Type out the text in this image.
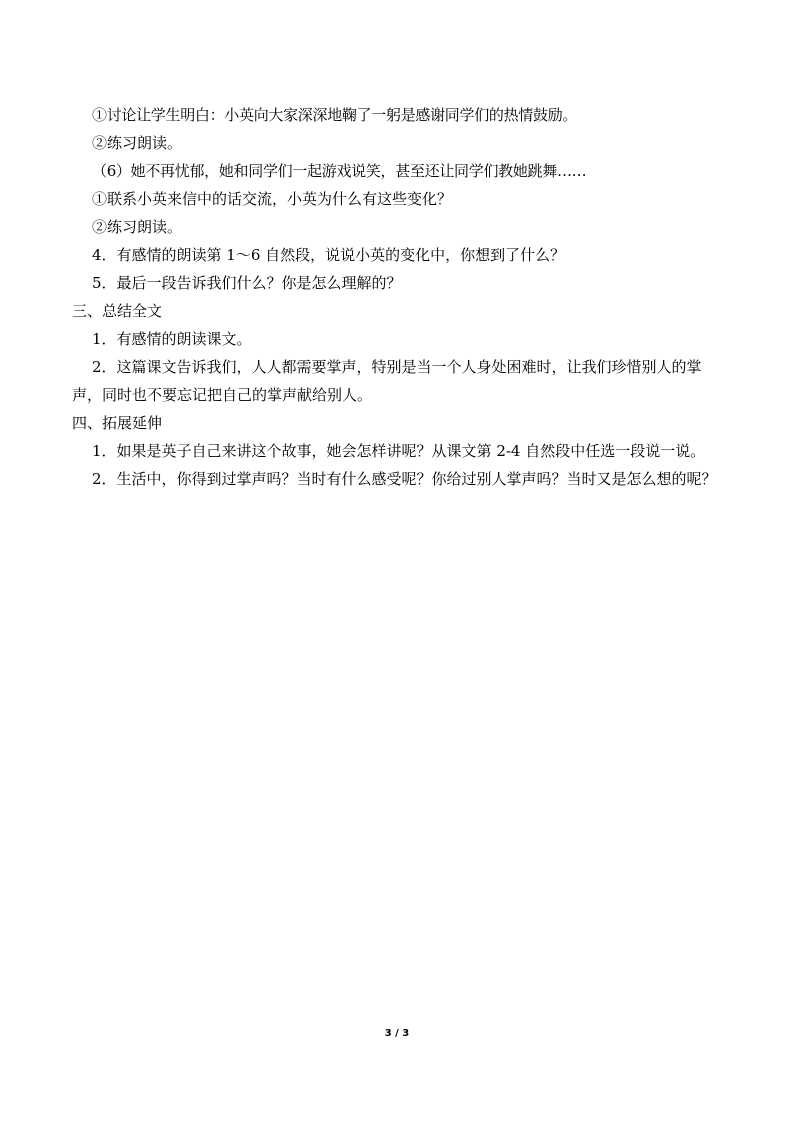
①讨论让学生明白：小英向大家深深地鞠了一躬是感谢同学们的热情鼓励。

②练习朗读。

（6）她不再忧郁，她和同学们一起游戏说笑，甚至还让同学们教她跳舞……

①联系小英来信中的话交流，小英为什么有这些变化？

②练习朗读。

4．有感情的朗读第 1～6 自然段，说说小英的变化中，你想到了什么？

5．最后一段告诉我们什么？你是怎么理解的？

三、总结全文

1．有感情的朗读课文。

2．这篇课文告诉我们，人人都需要掌声，特别是当一个人身处困难时，让我们珍惜别人的掌声，同时也不要忘记把自己的掌声献给别人。

四、拓展延伸

1．如果是英子自己来讲这个故事，她会怎样讲呢？从课文第 2-4 自然段中任选一段说一说。

2．生活中，你得到过掌声吗？当时有什么感受呢？你给过别人掌声吗？当时又是怎么想的呢？

3 / 3
